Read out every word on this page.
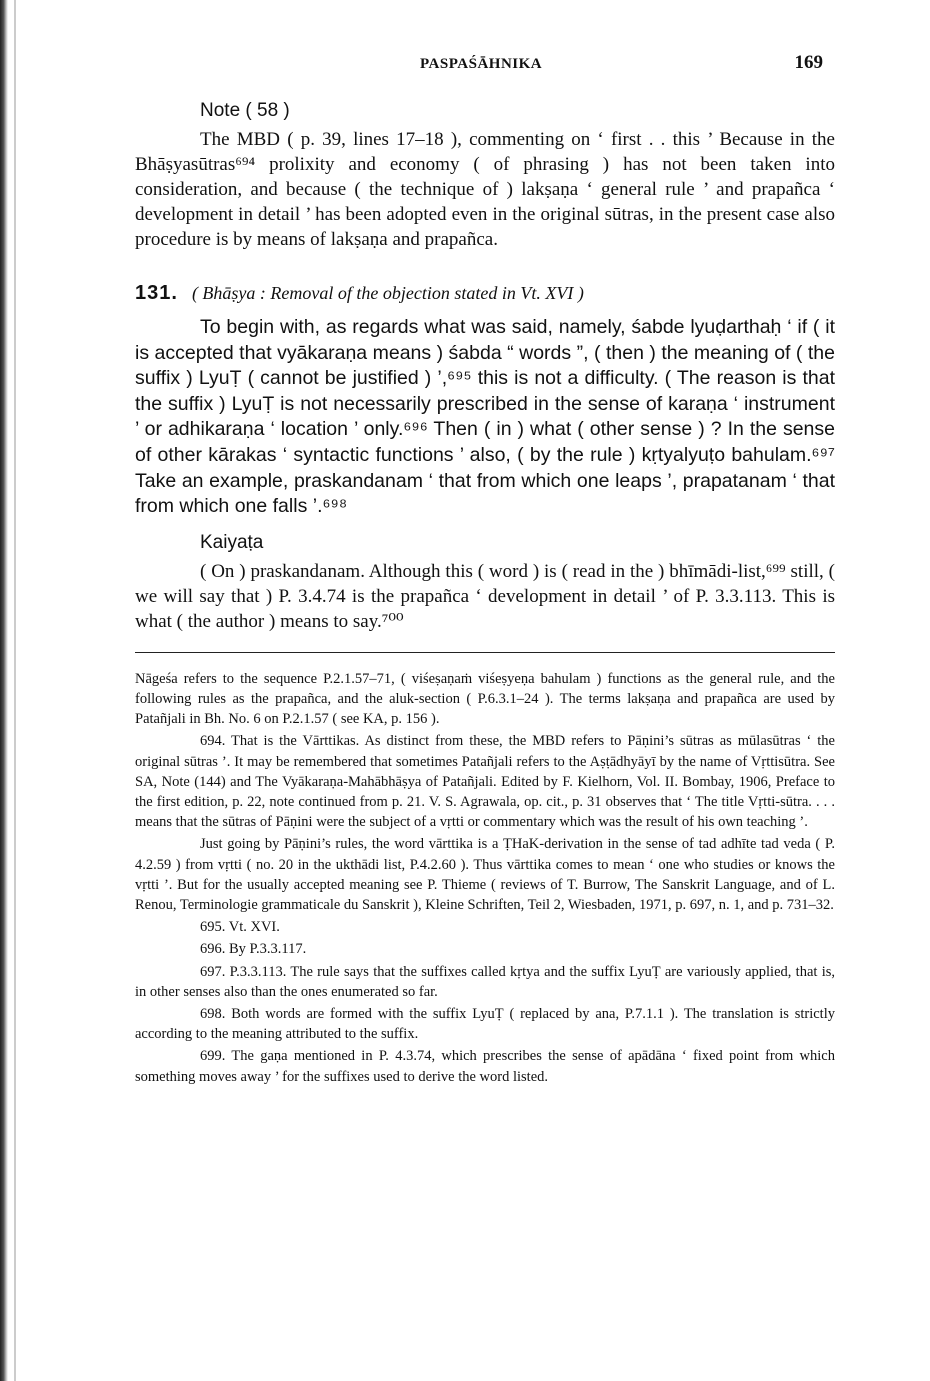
PASPAŚĀHNIKA	169
Note ( 58 )

The MBD ( p. 39, lines 17–18 ), commenting on ‘ first . . this ’ Because in the Bhāṣyasūtras⁶⁹⁴ prolixity and economy ( of phrasing ) has not been taken into consideration, and because ( the technique of ) lakṣaṇa ‘ general rule ’ and prapañca ‘ development in detail ’ has been adopted even in the original sūtras, in the present case also procedure is by means of lakṣaṇa and prapañca.

131. ( Bhāṣya : Removal of the objection stated in Vt. XVI )

To begin with, as regards what was said, namely, śabde lyuḍarthaḥ ‘ if ( it is accepted that vyākaraṇa means ) śabda “ words ”, ( then ) the meaning of ( the suffix ) LyuṬ ( cannot be justified ) ’,⁶⁹⁵ this is not a difficulty. ( The reason is that the suffix ) LyuṬ is not necessarily prescribed in the sense of karaṇa ‘ instrument ’ or adhikaraṇa ‘ location ’ only.⁶⁹⁶ Then ( in ) what ( other sense ) ? In the sense of other kārakas ‘ syntactic functions ’ also, ( by the rule ) kṛtyalyuṭo bahulam.⁶⁹⁷ Take an example, praskandanam ‘ that from which one leaps ’, prapatanam ‘ that from which one falls ’.⁶⁹⁸

Kaiyaṭa

( On ) praskandanam. Although this ( word ) is ( read in the ) bhīmādi-list,⁶⁹⁹ still, ( we will say that ) P. 3.4.74 is the prapañca ‘ development in detail ’ of P. 3.3.113. This is what ( the author ) means to say.⁷⁰⁰

Nāgeśa refers to the sequence P.2.1.57–71, ( viśeṣaṇaṁ viśeṣyeṇa bahulam ) functions as the general rule, and the following rules as the prapañca, and the aluk-section ( P.6.3.1–24 ). The terms lakṣaṇa and prapañca are used by Patañjali in Bh. No. 6 on P.2.1.57 ( see KA, p. 156 ).

694. That is the Vārttikas. As distinct from these, the MBD refers to Pāṇini’s sūtras as mūlasūtras ‘ the original sūtras ’. It may be remembered that sometimes Patañjali refers to the Aṣṭādhyāyī by the name of Vṛttisūtra. See SA, Note (144) and The Vyākaraṇa-Mahābhāṣya of Patañjali. Edited by F. Kielhorn, Vol. II. Bombay, 1906, Preface to the first edition, p. 22, note continued from p. 21. V. S. Agrawala, op. cit., p. 31 observes that ‘ The title Vṛtti-sūtra. . . . means that the sūtras of Pāṇini were the subject of a vṛtti or commentary which was the result of his own teaching ’.

Just going by Pāṇini’s rules, the word vārttika is a ṬHaK-derivation in the sense of tad adhīte tad veda ( P. 4.2.59 ) from vṛtti ( no. 20 in the ukthādi list, P.4.2.60 ). Thus vārttika comes to mean ‘ one who studies or knows the vṛtti ’. But for the usually accepted meaning see P. Thieme ( reviews of T. Burrow, The Sanskrit Language, and of L. Renou, Terminologie grammaticale du Sanskrit ), Kleine Schriften, Teil 2, Wiesbaden, 1971, p. 697, n. 1, and p. 731–32.

695. Vt. XVI.

696. By P.3.3.117.

697. P.3.3.113. The rule says that the suffixes called kṛtya and the suffix LyuṬ are variously applied, that is, in other senses also than the ones enumerated so far.

698. Both words are formed with the suffix LyuṬ ( replaced by ana, P.7.1.1 ). The translation is strictly according to the meaning attributed to the suffix.

699. The gaṇa mentioned in P. 4.3.74, which prescribes the sense of apādāna ‘ fixed point from which something moves away ’ for the suffixes used to derive the word listed.
